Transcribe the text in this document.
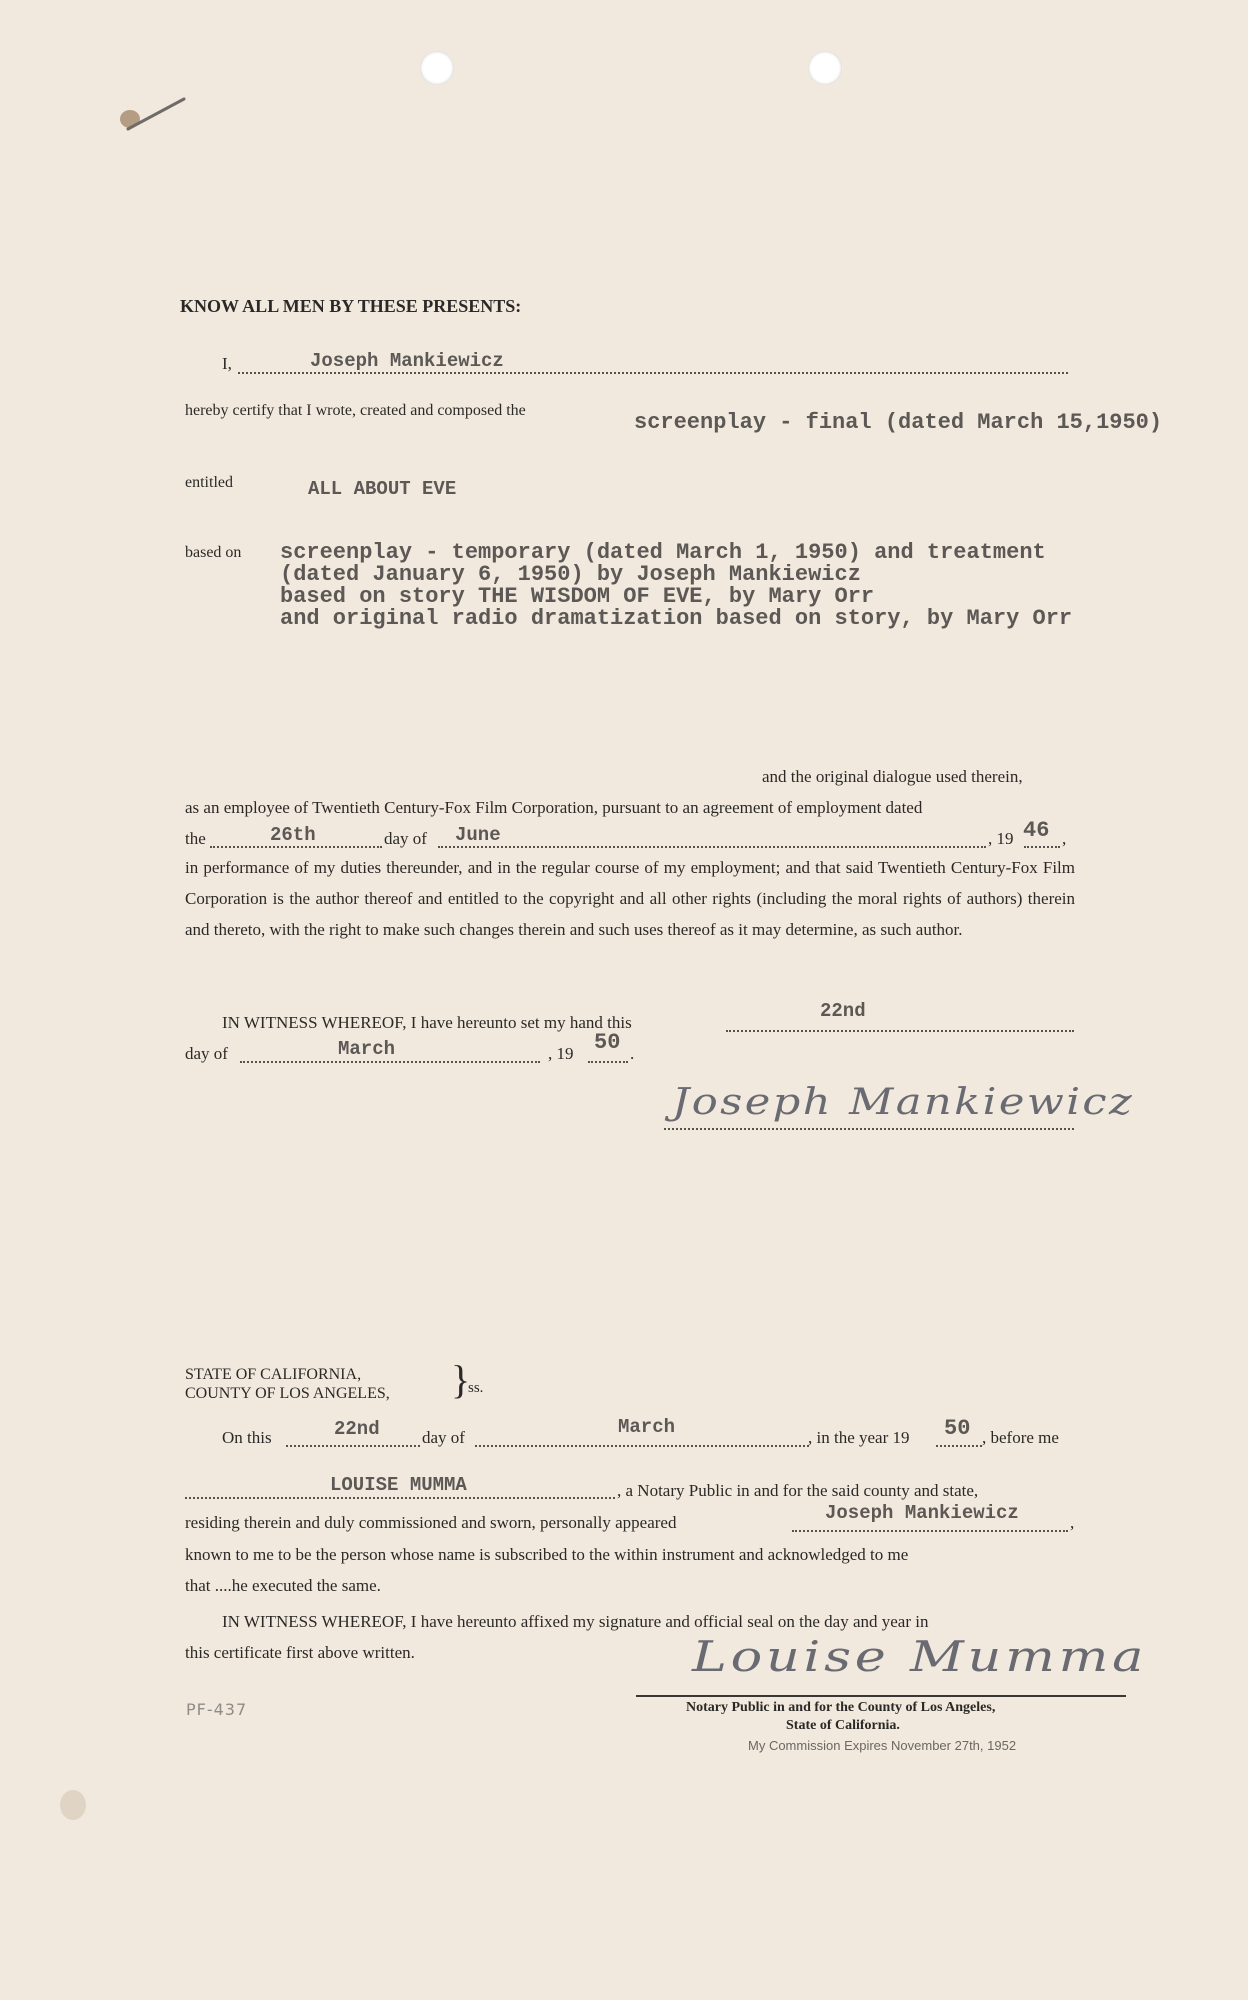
KNOW ALL MEN BY THESE PRESENTS:
I,	Joseph Mankiewicz
hereby certify that I wrote, created and composed the	screenplay - final (dated March 15,1950)
entitled	ALL ABOUT EVE
based on screenplay - temporary (dated March 1, 1950) and treatment
(dated January 6, 1950) by Joseph Mankiewicz
based on story THE WISDOM OF EVE, by Mary Orr
and original radio dramatization based on story, by Mary Orr
and the original dialogue used therein,
as an employee of Twentieth Century-Fox Film Corporation, pursuant to an agreement of employment dated
the	26th	day of June	, 19 46 ,
in performance of my duties thereunder, and in the regular course of my employment; and that said Twentieth Century-Fox Film Corporation is the author thereof and entitled to the copyright and all other rights (including the moral rights of authors) therein and thereto, with the right to make such changes therein and such uses thereof as it may determine, as such author.
IN WITNESS WHEREOF, I have hereunto set my hand this
22nd
day of	March	, 19 50 .
Joseph Mankiewicz
STATE OF CALIFORNIA,
COUNTY OF LOS ANGELES, }
ss.
On this	22nd day of	March	, in the year 19 50 , before me
LOUISE MUMMA	, a Notary Public in and for the said county and state,
residing therein and duly commissioned and sworn, personally appeared	Joseph Mankiewicz	,
known to me to be the person whose name is subscribed to the within instrument and acknowledged to me
that ....he executed the same.
IN WITNESS WHEREOF, I have hereunto affixed my signature and official seal on the day and year in
this certificate first above written.	Louise Mumma
Notary Public in and for the County of Los Angeles,
State of California.
My Commission Expires November 27th, 1952
PF-437
